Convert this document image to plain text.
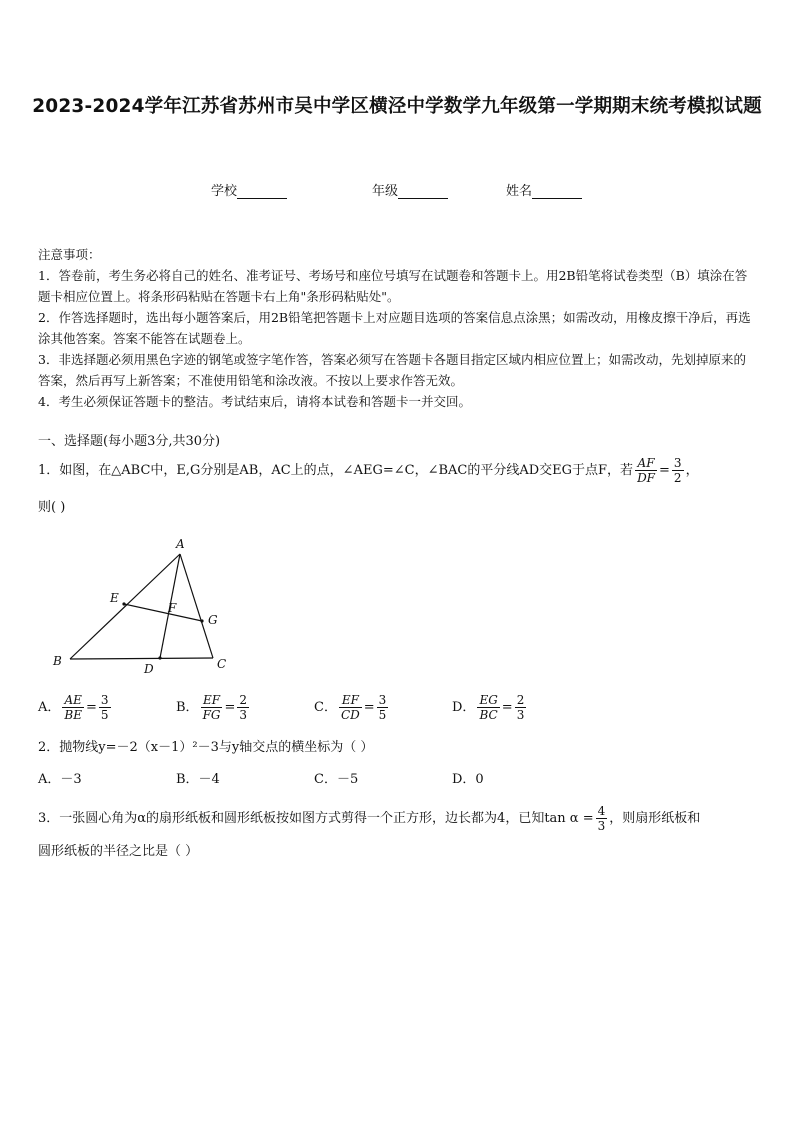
2023-2024学年江苏省苏州市吴中学区横泾中学数学九年级第一学期期末统考模拟试题
学校	年级	姓名

注意事项：

1．答卷前，考生务必将自己的姓名、准考证号、考场号和座位号填写在试题卷和答题卡上。用2B铅笔将试卷类型（B）填涂在答题卡相应位置上。将条形码粘贴在答题卡右上角"条形码粘贴处"。

2．作答选择题时，选出每小题答案后，用2B铅笔把答题卡上对应题目选项的答案信息点涂黑；如需改动，用橡皮擦干净后，再选涂其他答案。答案不能答在试题卷上。

3．非选择题必须用黑色字迹的钢笔或签字笔作答，答案必须写在答题卡各题目指定区域内相应位置上；如需改动，先划掉原来的答案，然后再写上新答案；不准使用铅笔和涂改液。不按以上要求作答无效。

4．考生必须保证答题卡的整洁。考试结束后，请将本试卷和答题卡一并交回。

一、选择题(每小题3分,共30分)
1．如图，在△ABC中，E,G分别是AB，AC上的点，∠AEG=∠C，∠BAC的平分线AD交EG于点F，若 $\frac{AF}{DF} = \frac{3}{2}$ ，
则( )
A
E
F
G
B
D	C
A． $\frac{AE}{BE} = \frac{3}{5}$	B． $\frac{EF}{FG} = \frac{2}{3}$	C． $\frac{EF}{CD} = \frac{3}{5}$	D． $\frac{EG}{BC} = \frac{2}{3}$
2．抛物线y=－2（x－1）²－3与y轴交点的横坐标为（ ）
A．－3	B．－4	C．－5	D．0
3．一张圆心角为α的扇形纸板和圆形纸板按如图方式剪得一个正方形，边长都为4，已知$\tan \alpha = \frac{4}{3}$ ，则扇形纸板和
圆形纸板的半径之比是（ ）
